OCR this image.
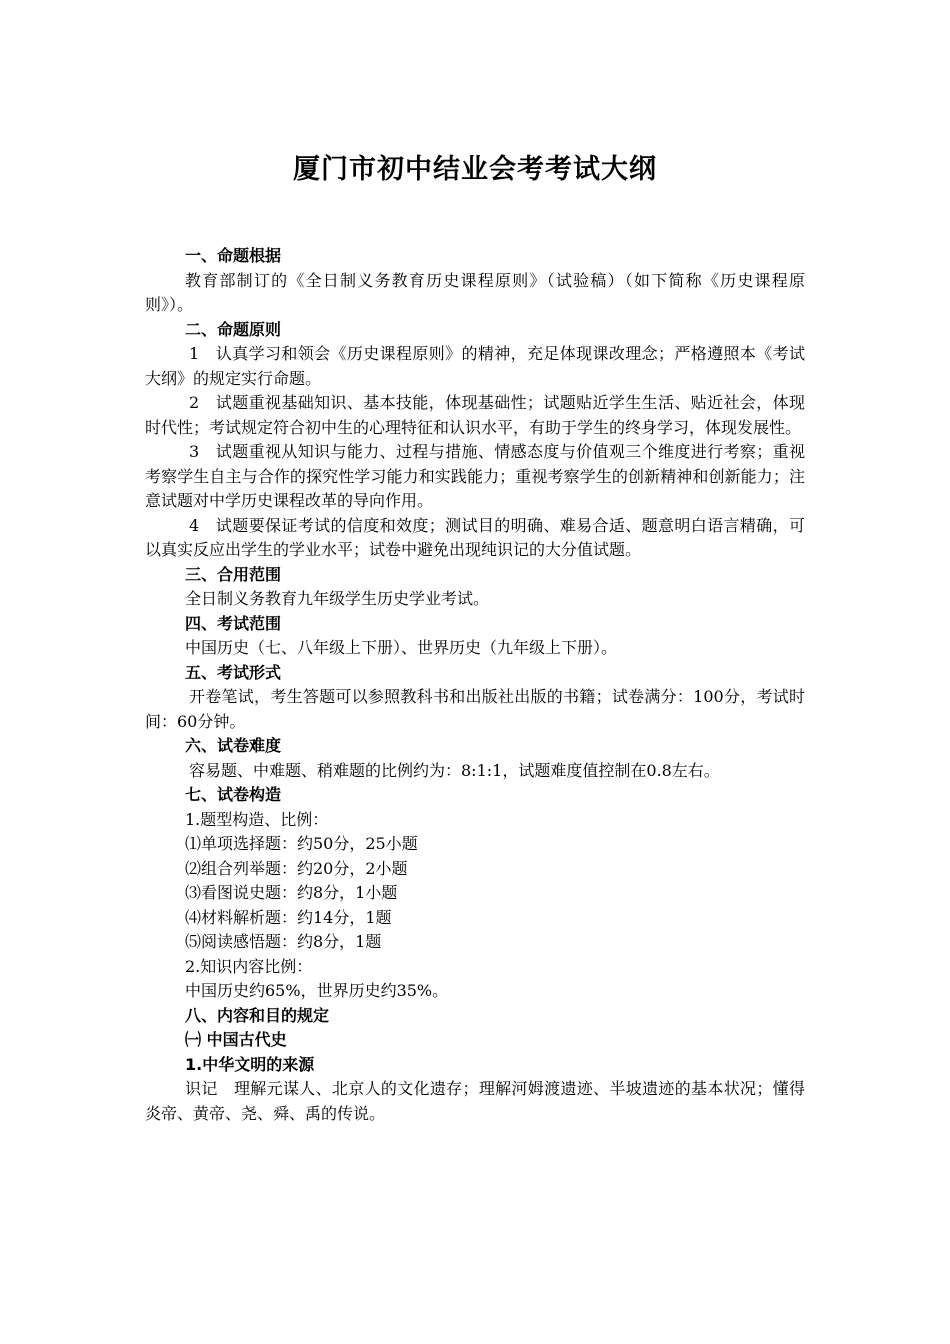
厦门市初中结业会考考试大纲

一、命题根据

教育部制订的《全日制义务教育历史课程原则》（试验稿）（如下简称《历史课程原则》）。

二、命题原则

1　认真学习和领会《历史课程原则》的精神，充足体现课改理念；严格遵照本《考试大纲》的规定实行命题。

2　试题重视基础知识、基本技能，体现基础性；试题贴近学生生活、贴近社会，体现时代性；考试规定符合初中生的心理特征和认识水平，有助于学生的终身学习，体现发展性。

3　试题重视从知识与能力、过程与措施、情感态度与价值观三个维度进行考察；重视考察学生自主与合作的探究性学习能力和实践能力；重视考察学生的创新精神和创新能力；注意试题对中学历史课程改革的导向作用。

4　试题要保证考试的信度和效度；测试目的明确、难易合适、题意明白语言精确，可以真实反应出学生的学业水平；试卷中避免出现纯识记的大分值试题。

三、合用范围

全日制义务教育九年级学生历史学业考试。

四、考试范围

中国历史（七、八年级上下册）、世界历史（九年级上下册）。

五、考试形式

开卷笔试，考生答题可以参照教科书和出版社出版的书籍；试卷满分：100分，考试时间：60分钟。

六、试卷难度

容易题、中难题、稍难题的比例约为：8:1:1，试题难度值控制在0.8左右。

七、试卷构造

1.题型构造、比例：

⑴单项选择题：约50分，25小题

⑵组合列举题：约20分，2小题

⑶看图说史题：约8分，1小题

⑷材料解析题：约14分，1题

⑸阅读感悟题：约8分，1题

2.知识内容比例：

中国历史约65%，世界历史约35%。

八、内容和目的规定

㈠ 中国古代史

1.中华文明的来源

识记　理解元谋人、北京人的文化遗存；理解河姆渡遗迹、半坡遗迹的基本状况；懂得炎帝、黄帝、尧、舜、禹的传说。
